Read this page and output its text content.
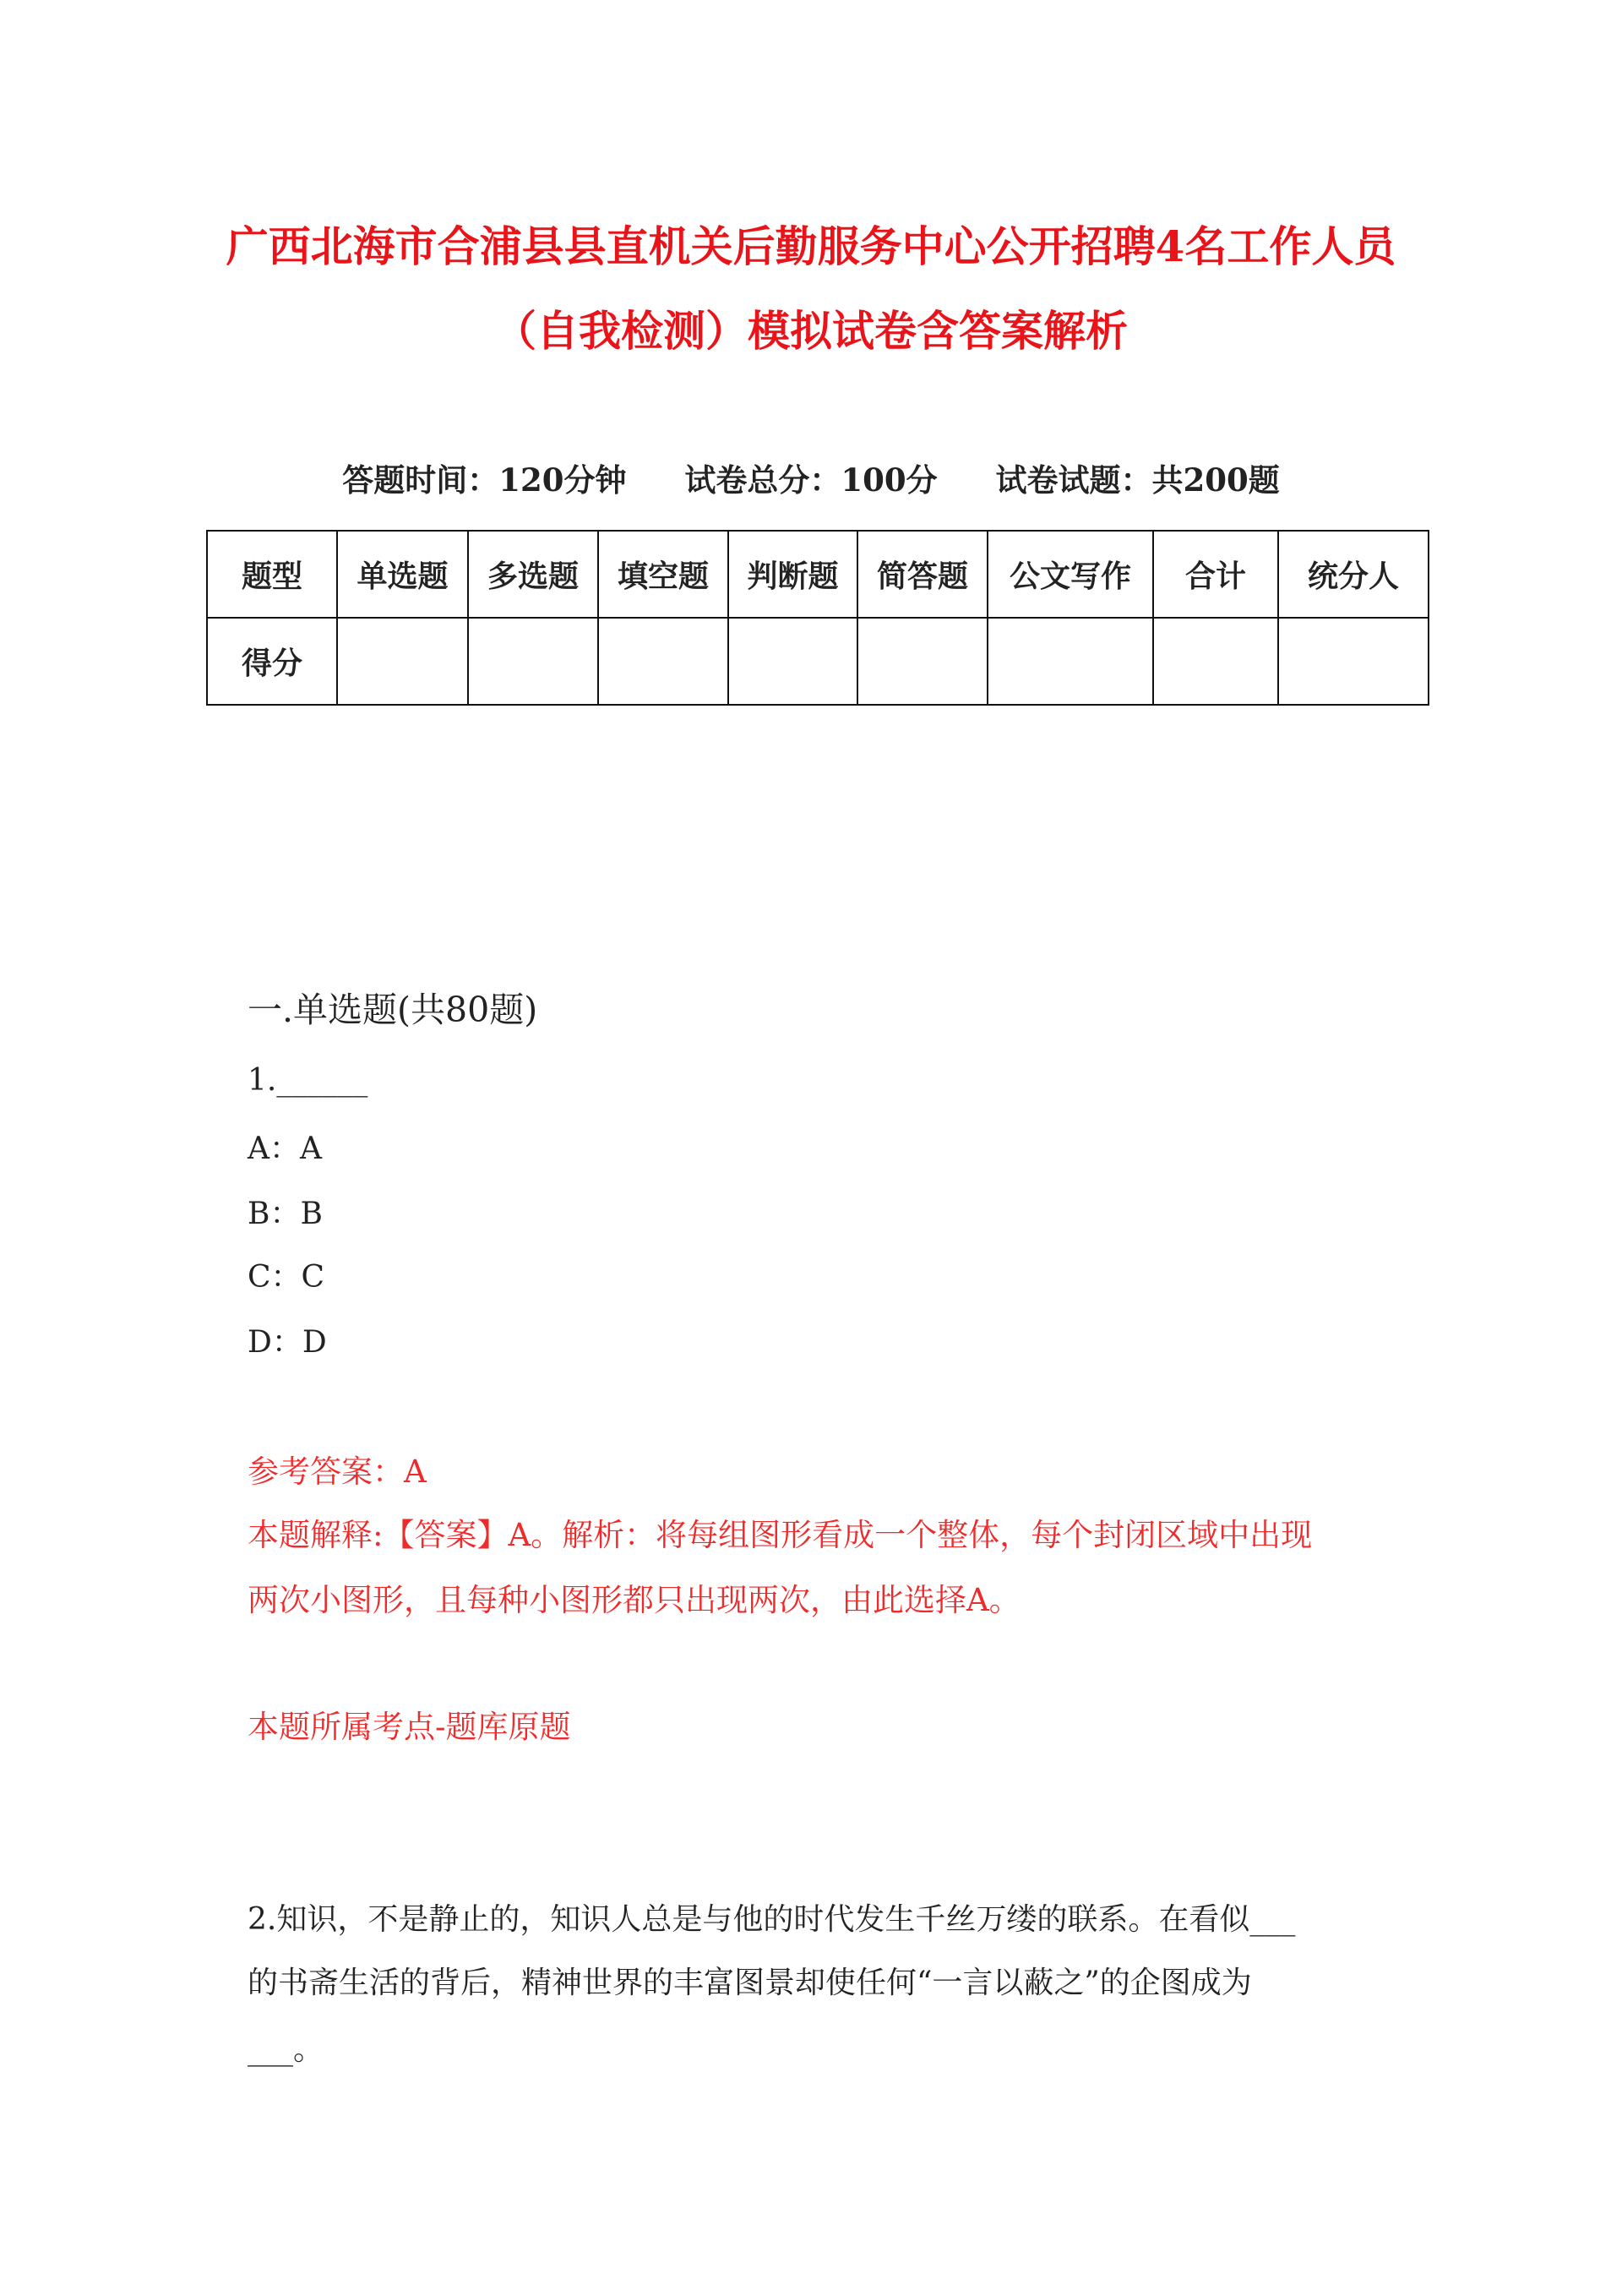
广西北海市合浦县县直机关后勤服务中心公开招聘4名工作人员
（自我检测）模拟试卷含答案解析
答题时间：120分钟 试卷总分：100分 试卷试题：共200题
题型	单选题	多选题	填空题	判断题	简答题	公文写作	合计	统分人
得分								
一.单选题(共80题)
1.______
A：A
B：B
C：C
D：D
参考答案：A
本题解释:【答案】A。解析：将每组图形看成一个整体，每个封闭区域中出现
两次小图形，且每种小图形都只出现两次，由此选择A。
本题所属考点-题库原题
2.知识，不是静止的，知识人总是与他的时代发生千丝万缕的联系。在看似___
的书斋生活的背后，精神世界的丰富图景却使任何“一言以蔽之”的企图成为
___。
